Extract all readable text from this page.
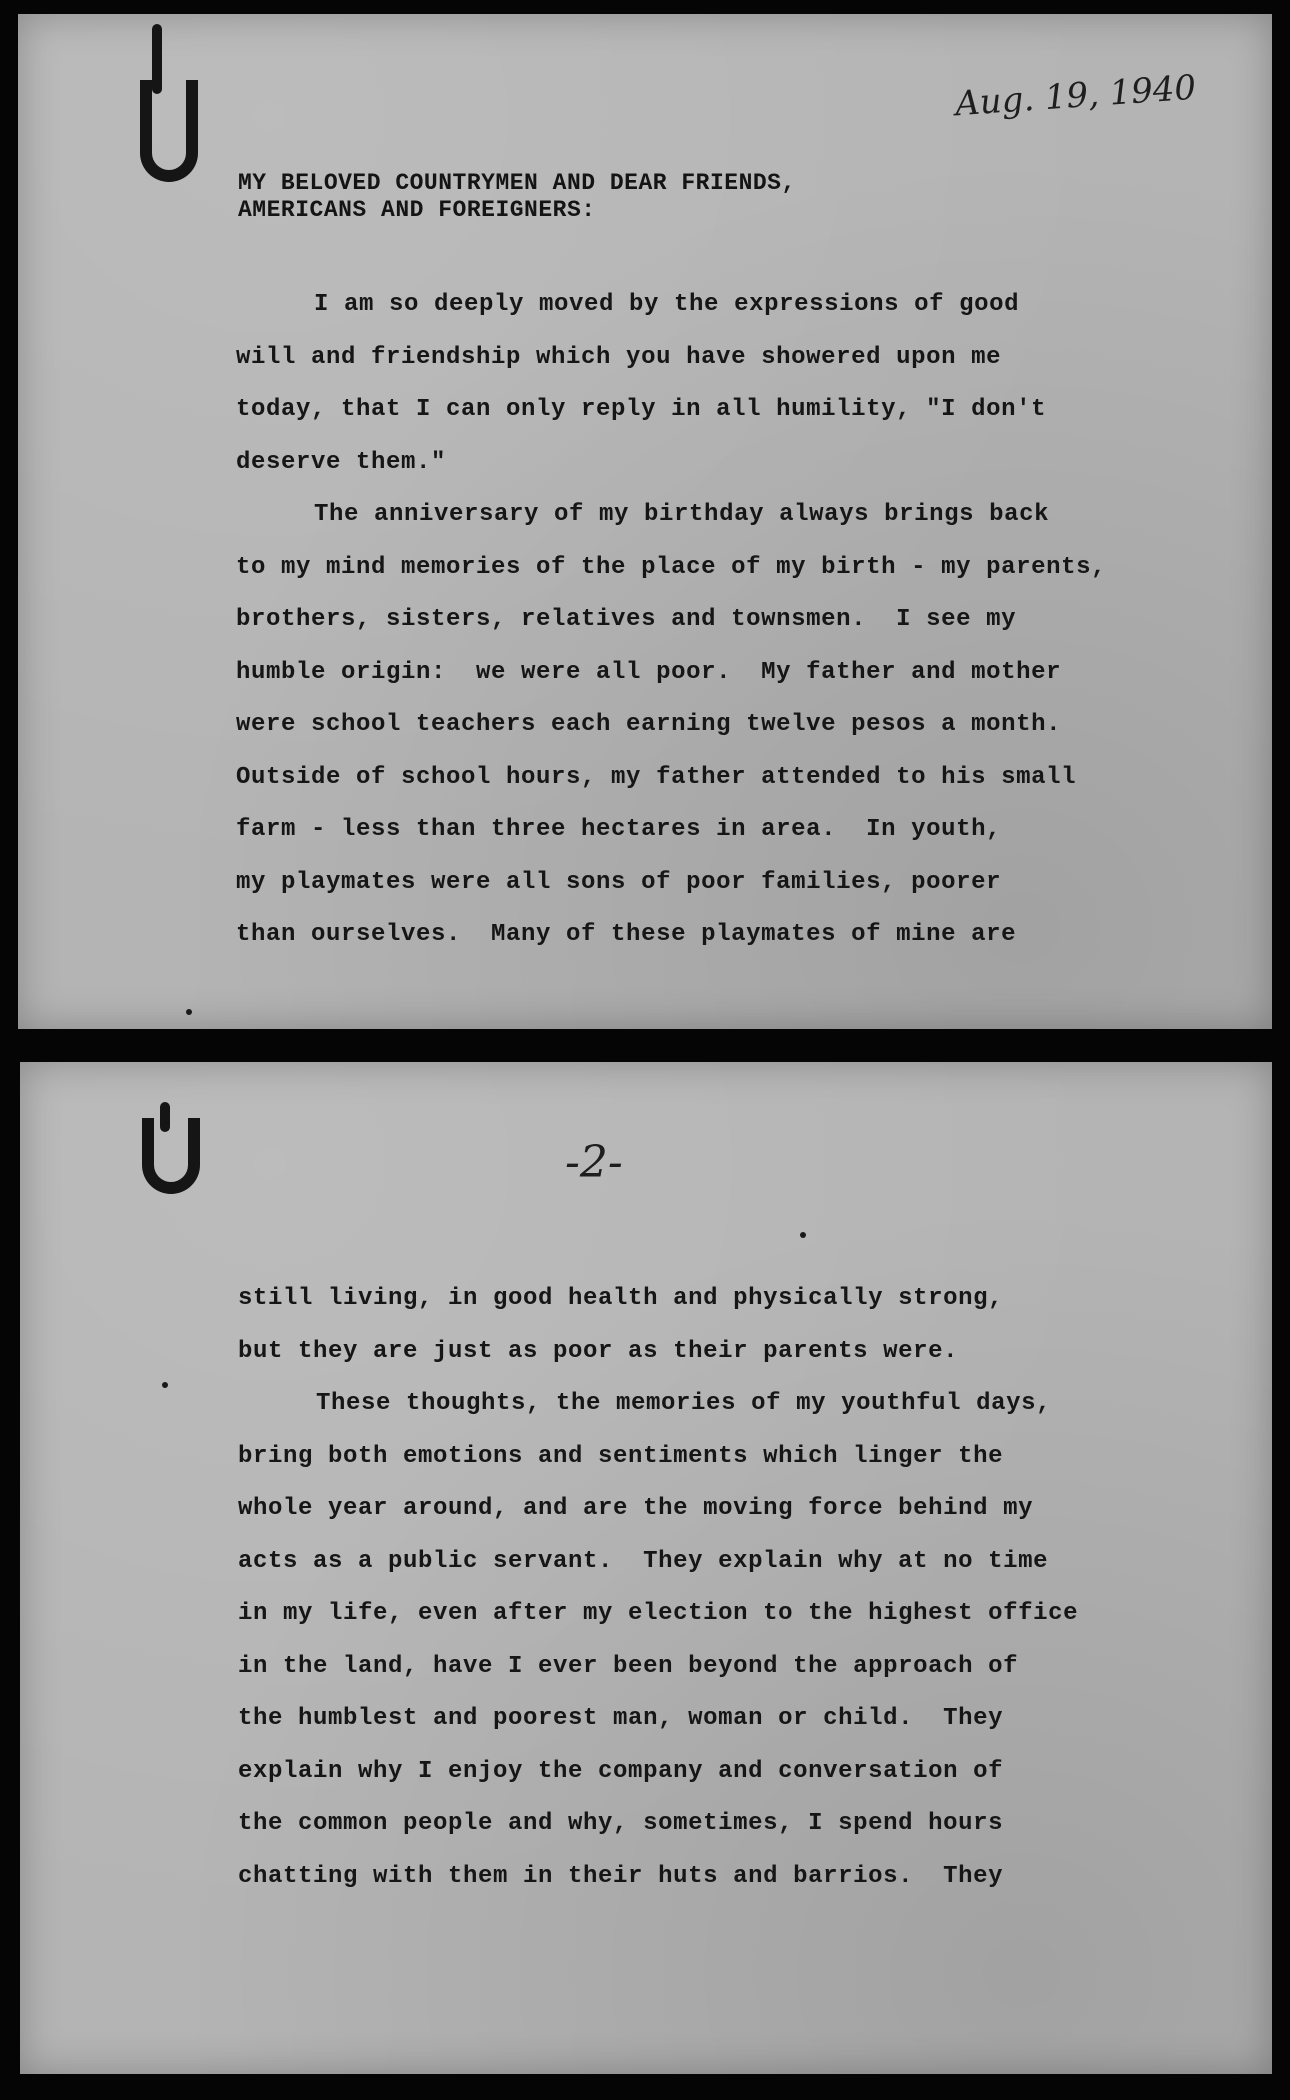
Aug. 19, 1940
MY BELOVED COUNTRYMEN AND DEAR FRIENDS,
AMERICANS AND FOREIGNERS:
I am so deeply moved by the expressions of good
will and friendship which you have showered upon me
today, that I can only reply in all humility, "I don't
deserve them."
The anniversary of my birthday always brings back
to my mind memories of the place of my birth - my parents,
brothers, sisters, relatives and townsmen.  I see my
humble origin:  we were all poor.  My father and mother
were school teachers each earning twelve pesos a month.
Outside of school hours, my father attended to his small
farm - less than three hectares in area.  In youth,
my playmates were all sons of poor families, poorer
than ourselves.  Many of these playmates of mine are
-2-
still living, in good health and physically strong,
but they are just as poor as their parents were.
These thoughts, the memories of my youthful days,
bring both emotions and sentiments which linger the
whole year around, and are the moving force behind my
acts as a public servant.  They explain why at no time
in my life, even after my election to the highest office
in the land, have I ever been beyond the approach of
the humblest and poorest man, woman or child.  They
explain why I enjoy the company and conversation of
the common people and why, sometimes, I spend hours
chatting with them in their huts and barrios.  They
